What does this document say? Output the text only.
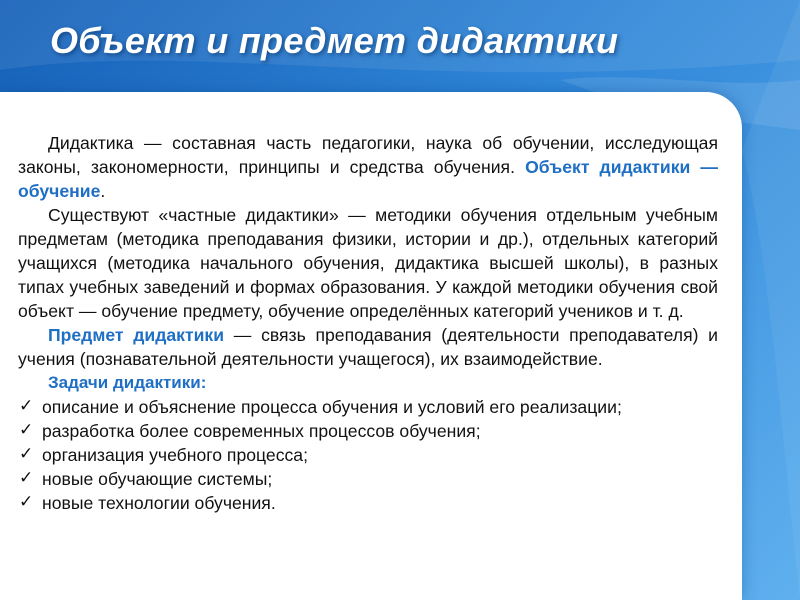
Объект и предмет дидактики

Дидактика — составная часть педагогики, наука об обучении, исследующая законы, закономерности, принципы и средства обучения. Объект дидактики — обучение.

Существуют «частные дидактики» — методики обучения отдельным учебным предметам (методика преподавания физики, истории и др.), отдельных категорий учащихся (методика начального обучения, дидактика высшей школы), в разных типах учебных заведений и формах образования. У каждой методики обучения свой объект — обучение предмету, обучение определённых категорий учеников и т. д.

Предмет дидактики — связь преподавания (деятельности преподавателя) и учения (познавательной деятельности учащегося), их взаимодействие.

Задачи дидактики:
✓ описание и объяснение процесса обучения и условий его реализации;
✓ разработка более современных процессов обучения;
✓ организация учебного процесса;
✓ новые обучающие системы;
✓ новые технологии обучения.
